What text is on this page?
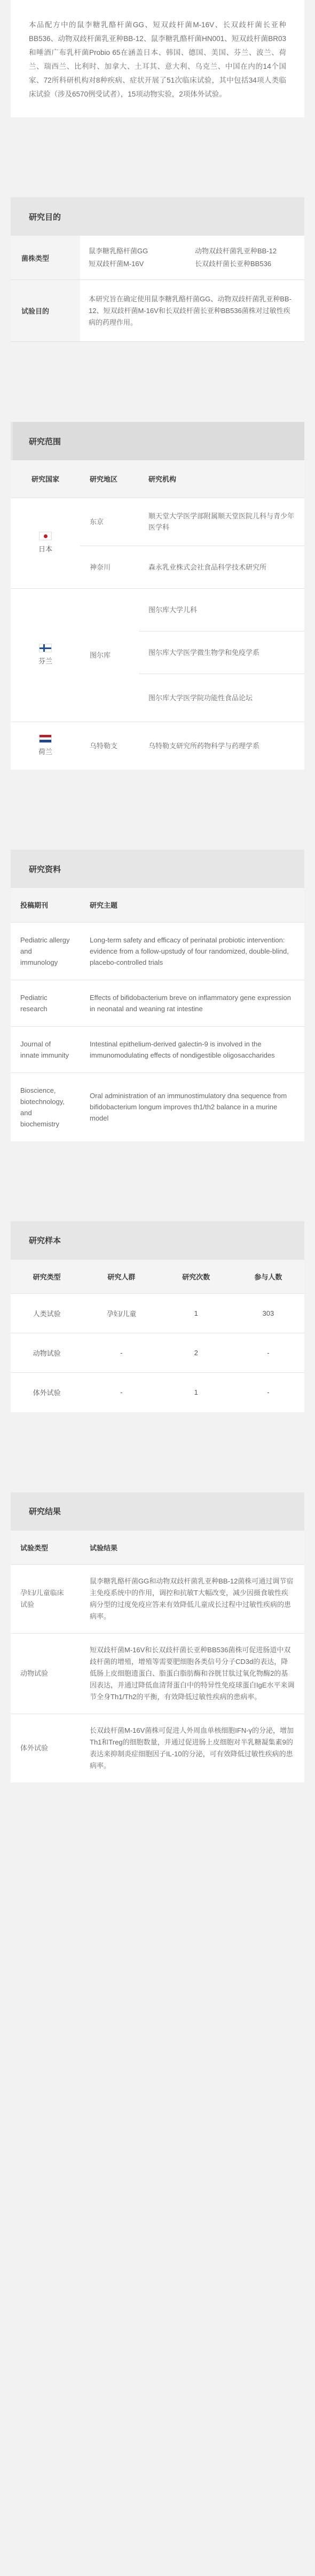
本品配方中的鼠李糖乳酪杆菌GG、短双歧杆菌M-16V、长双歧杆菌长亚种BB536、动物双歧杆菌乳亚种BB-12、鼠李糖乳酪杆菌HN001、短双歧杆菌BR03和唾酒广布乳杆菌Probio 65在涵盖日本、韩国、德国、美国、芬兰、波兰、荷兰、瑞西兰、比利时、加拿大、土耳其、意大利、乌克兰、中国在内的14个国家、72所科研机构对8种疾病、症状开展了51次临床试验，其中包括34项人类临床试验（涉及6570例受试者），15项动物实验，2项体外试验。
研究目的
菌株类型	鼠李糖乳酪杆菌GG 动物双歧杆菌乳亚种BB-12
短双歧杆菌M-16V 长双歧杆菌长亚种BB536

试验目的	本研究旨在确定使用鼠李糖乳酪杆菌GG、动物双歧杆菌乳亚种BB-12、短双歧杆菌M-16V和长双歧杆菌长亚种BB536菌株对过敏性疾病的药理作用。
研究范围
研究国家	研究地区	研究机构

日本	东京	顺天堂大学医学部附属顺天堂医院儿科与青少年医学科
	神奈川	森永乳业株式会社食品科学技术研究所

芬兰	图尔库	图尔库大学儿科
		图尔库大学医学微生物学和免疫学系
		图尔库大学医学院功能性食品论坛

荷兰	乌特勒支	乌特勒支研究所药物科学与药理学系
研究资料
投稿期刊	研究主题
Pediatric allergy and immunology	Long-term safety and efficacy of perinatal probiotic intervention: evidence from a follow-upstudy of four randomized, double-blind, placebo-controlled trials
Pediatric research	Effects of bifidobacterium breve on inflammatory gene expression in neonatal and weaning rat intestine
Journal of innate immunity	Intestinal epithelium-derived galectin-9 is involved in the immunomodulating effects of nondigestible oligosaccharides
Bioscience, biotechnology, and biochemistry	Oral administration of an immunostimulatory dna sequence from bifidobacterium longum improves th1/th2 balance in a murine model
研究样本
研究类型	研究人群	研究次数	参与人数
人类试验	孕妇/儿童	1	303
动物试验	-	2	-
体外试验	-	1	-
研究结果
试验类型	试验结果
孕妇/儿童临床试验	鼠李糖乳酪杆菌GG和动物双歧杆菌乳亚种BB-12菌株可通过调节宿主免疫系统中的作用，调控和抗敏T大幅改变，减少因摄食敏性疾病分型的过度免疫应答来有效降低儿童成长过程中过敏性疾病的患病率。
动物试验	短双歧杆菌M-16V和长双歧杆菌长亚种BB536菌株可促进肠道中双歧杆菌的增殖，增殖等需要肥细胞各类信号分子CD3d的表达，降低肠上皮细胞遗蛋白、脂蛋白脂肪酶和谷胱甘肽过氧化物酶2的基因表达，并通过降低血清肾蛋白中的特异性免疫球蛋白IgE水平来调节全身Th1/Th2的平衡，有效降低过敏性疾病的患病率。
体外试验	长双歧杆菌M-16V菌株可促进人外周血单核细胞IFN-γ的分泌，增加Th1和Treg的细胞数量，并通过促进肠上皮细胞对半乳糖凝集素9的表达来抑制炎症细胞因子IL-10的分泌，可有效降低过敏性疾病的患病率。
